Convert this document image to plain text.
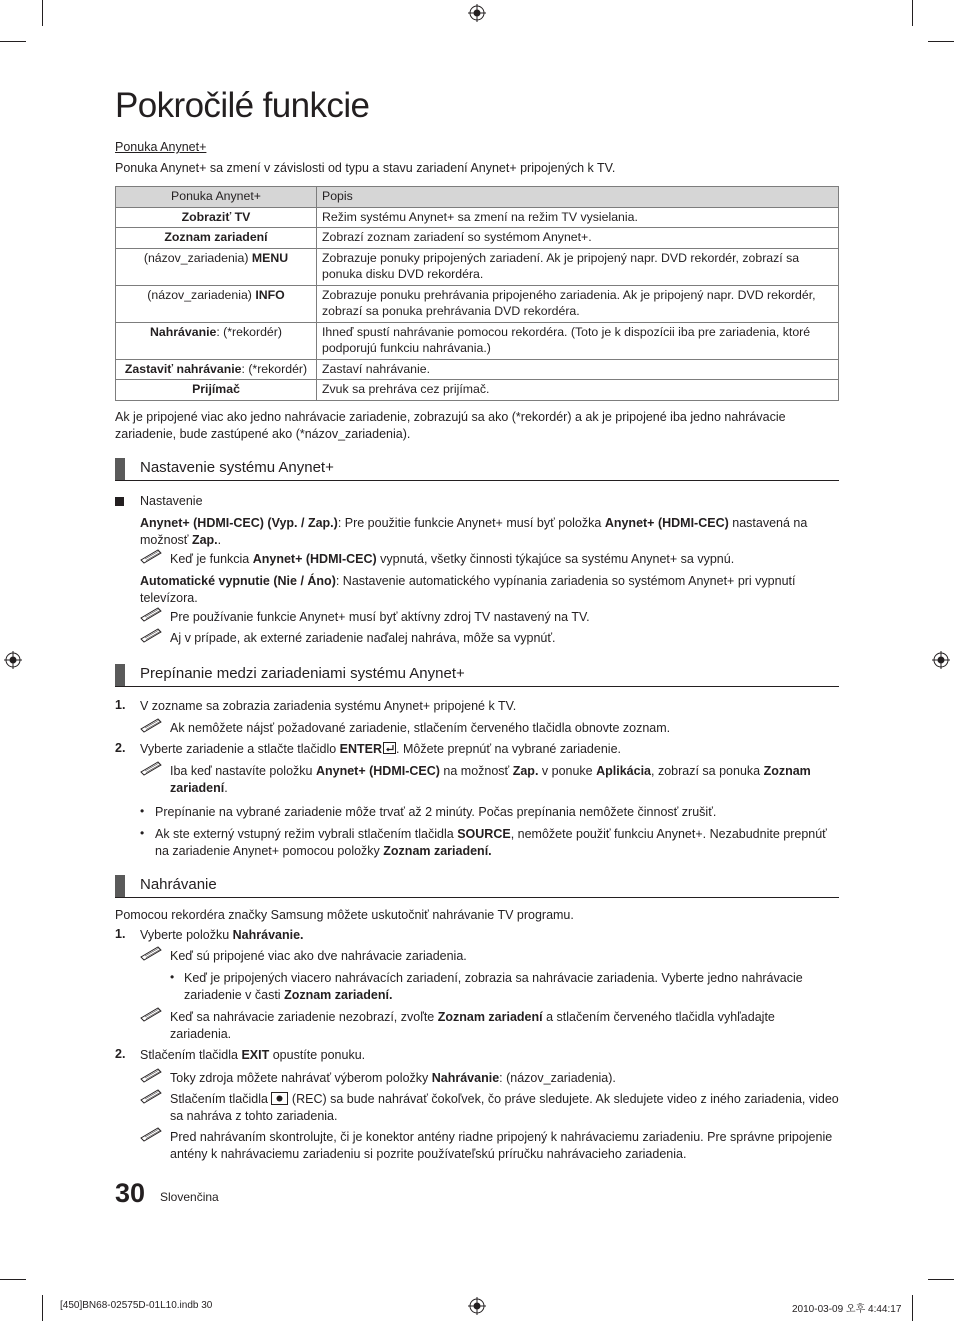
Pokročilé funkcie
Ponuka Anynet+
Ponuka Anynet+ sa zmení v závislosti od typu a stavu zariadení Anynet+ pripojených k TV.
Ponuka Anynet+	Popis
Zobraziť TV	Režim systému Anynet+ sa zmení na režim TV vysielania.
Zoznam zariadení	Zobrazí zoznam zariadení so systémom Anynet+.
(názov_zariadenia) MENU	Zobrazuje ponuky pripojených zariadení. Ak je pripojený napr. DVD rekordér, zobrazí sa ponuka disku DVD rekordéra.
(názov_zariadenia) INFO	Zobrazuje ponuku prehrávania pripojeného zariadenia. Ak je pripojený napr. DVD rekordér, zobrazí sa ponuka prehrávania DVD rekordéra.
Nahrávanie: (*rekordér)	Ihneď spustí nahrávanie pomocou rekordéra. (Toto je k dispozícii iba pre zariadenia, ktoré podporujú funkciu nahrávania.)
Zastaviť nahrávanie: (*rekordér)	Zastaví nahrávanie.
Prijímač	Zvuk sa prehráva cez prijímač.
Ak je pripojené viac ako jedno nahrávacie zariadenie, zobrazujú sa ako (*rekordér) a ak je pripojené iba jedno nahrávacie zariadenie, bude zastúpené ako (*názov_zariadenia).
Nastavenie systému Anynet+
Nastavenie
Anynet+ (HDMI-CEC) (Vyp. / Zap.): Pre použitie funkcie Anynet+ musí byť položka Anynet+ (HDMI-CEC) nastavená na možnosť Zap..
Keď je funkcia Anynet+ (HDMI-CEC) vypnutá, všetky činnosti týkajúce sa systému Anynet+ sa vypnú.
Automatické vypnutie (Nie / Áno): Nastavenie automatického vypínania zariadenia so systémom Anynet+ pri vypnutí televízora.
Pre používanie funkcie Anynet+ musí byť aktívny zdroj TV nastavený na TV.
Aj v prípade, ak externé zariadenie naďalej nahráva, môže sa vypnúť.
Prepínanie medzi zariadeniami systému Anynet+
1. V zozname sa zobrazia zariadenia systému Anynet+ pripojené k TV.
Ak nemôžete nájsť požadované zariadenie, stlačením červeného tlačidla obnovte zoznam.
2. Vyberte zariadenie a stlačte tlačidlo ENTER . Môžete prepnúť na vybrané zariadenie.
Iba keď nastavíte položku Anynet+ (HDMI-CEC) na možnosť Zap. v ponuke Aplikácia, zobrazí sa ponuka Zoznam zariadení.
• Prepínanie na vybrané zariadenie môže trvať až 2 minúty. Počas prepínania nemôžete činnosť zrušiť.
• Ak ste externý vstupný režim vybrali stlačením tlačidla SOURCE, nemôžete použiť funkciu Anynet+. Nezabudnite prepnúť na zariadenie Anynet+ pomocou položky Zoznam zariadení.
Nahrávanie
Pomocou rekordéra značky Samsung môžete uskutočniť nahrávanie TV programu.
1. Vyberte položku Nahrávanie.
Keď sú pripojené viac ako dve nahrávacie zariadenia.
• Keď je pripojených viacero nahrávacích zariadení, zobrazia sa nahrávacie zariadenia. Vyberte jedno nahrávacie zariadenie v časti Zoznam zariadení.
Keď sa nahrávacie zariadenie nezobrazí, zvoľte Zoznam zariadení a stlačením červeného tlačidla vyhľadajte zariadenia.
2. Stlačením tlačidla EXIT opustíte ponuku.
Toky zdroja môžete nahrávať výberom položky Nahrávanie: (názov_zariadenia).
Stlačením tlačidla  (REC) sa bude nahrávať čokoľvek, čo práve sledujete. Ak sledujete video z iného zariadenia, video sa nahráva z tohto zariadenia.
Pred nahrávaním skontrolujte, či je konektor antény riadne pripojený k nahrávaciemu zariadeniu. Pre správne pripojenie antény k nahrávaciemu zariadeniu si pozrite používateľskú príručku nahrávacieho zariadenia.
30 Slovenčina
[450]BN68-02575D-01L10.indb 30	2010-03-09 오후 4:44:17
